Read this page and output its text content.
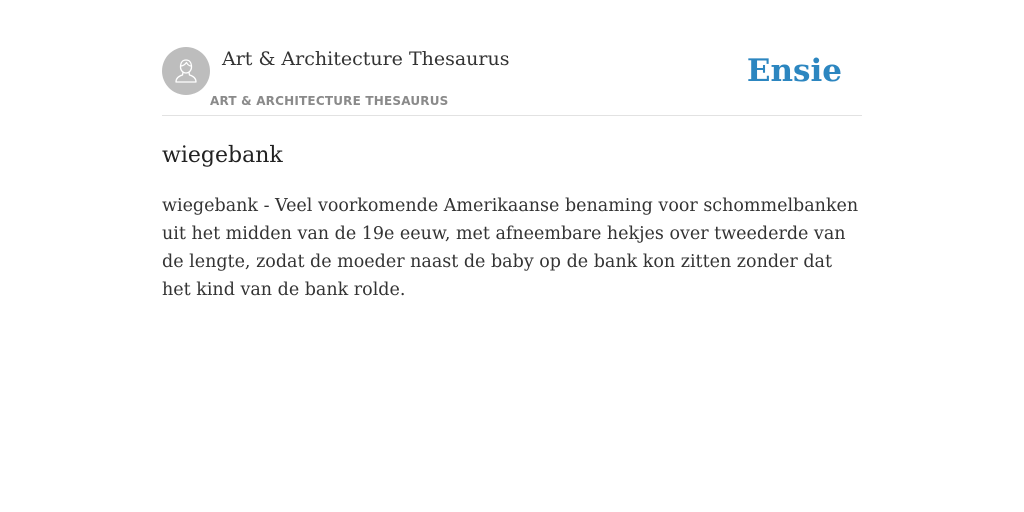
Art & Architecture Thesaurus
ART & ARCHITECTURE THESAURUS
Ensie
wiegebank

wiegebank - Veel voorkomende Amerikaanse benaming voor schommelbanken uit het midden van de 19e eeuw, met afneembare hekjes over tweederde van de lengte, zodat de moeder naast de baby op de bank kon zitten zonder dat het kind van de bank rolde.
